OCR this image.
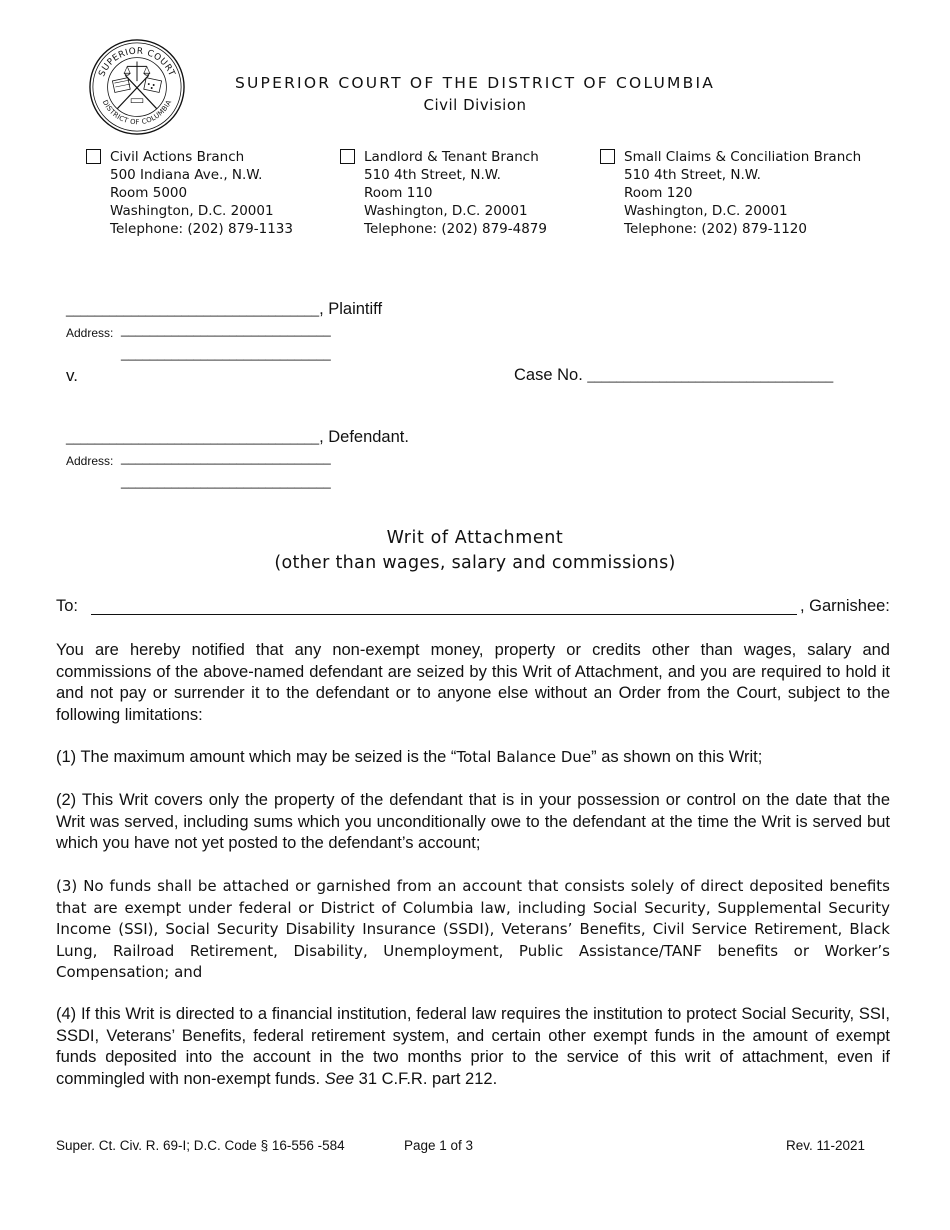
SUPERIOR COURT
DISTRICT OF COLUMBIA
SUPERIOR COURT OF THE DISTRICT OF COLUMBIA
Civil Division
Civil Actions Branch
500 Indiana Ave., N.W.
Room 5000
Washington, D.C. 20001
Telephone: (202) 879-1133
Landlord & Tenant Branch
510 4th Street, N.W.
Room 110
Washington, D.C. 20001
Telephone: (202) 879-4879
Small Claims & Conciliation Branch
510 4th Street, N.W.
Room 120
Washington, D.C. 20001
Telephone: (202) 879-1120
___________________________________, Plaintiff
Address: _____________________________
_____________________________
v.	Case No. __________________________________
___________________________________, Defendant.
Address: _____________________________
_____________________________
Writ of Attachment
(other than wages, salary and commissions)
To:	, Garnishee:
You are hereby notified that any non-exempt money, property or credits other than wages, salary and commissions of the above-named defendant are seized by this Writ of Attachment, and you are required to hold it and not pay or surrender it to the defendant or to anyone else without an Order from the Court, subject to the following limitations:
(1) The maximum amount which may be seized is the “Total Balance Due” as shown on this Writ;
(2) This Writ covers only the property of the defendant that is in your possession or control on the date that the Writ was served, including sums which you unconditionally owe to the defendant at the time the Writ is served but which you have not yet posted to the defendant’s account;
(3) No funds shall be attached or garnished from an account that consists solely of direct deposited benefits that are exempt under federal or District of Columbia law, including Social Security, Supplemental Security Income (SSI), Social Security Disability Insurance (SSDI), Veterans’ Benefits, Civil Service Retirement, Black Lung, Railroad Retirement, Disability, Unemployment, Public Assistance/TANF benefits or Worker’s Compensation; and
(4) If this Writ is directed to a financial institution, federal law requires the institution to protect Social Security, SSI, SSDI, Veterans’ Benefits, federal retirement system, and certain other exempt funds in the amount of exempt funds deposited into the account in the two months prior to the service of this writ of attachment, even if commingled with non-exempt funds. See 31 C.F.R. part 212.
Super. Ct. Civ. R. 69-I; D.C. Code § 16-556 -584	Page 1 of 3	Rev. 11-2021
